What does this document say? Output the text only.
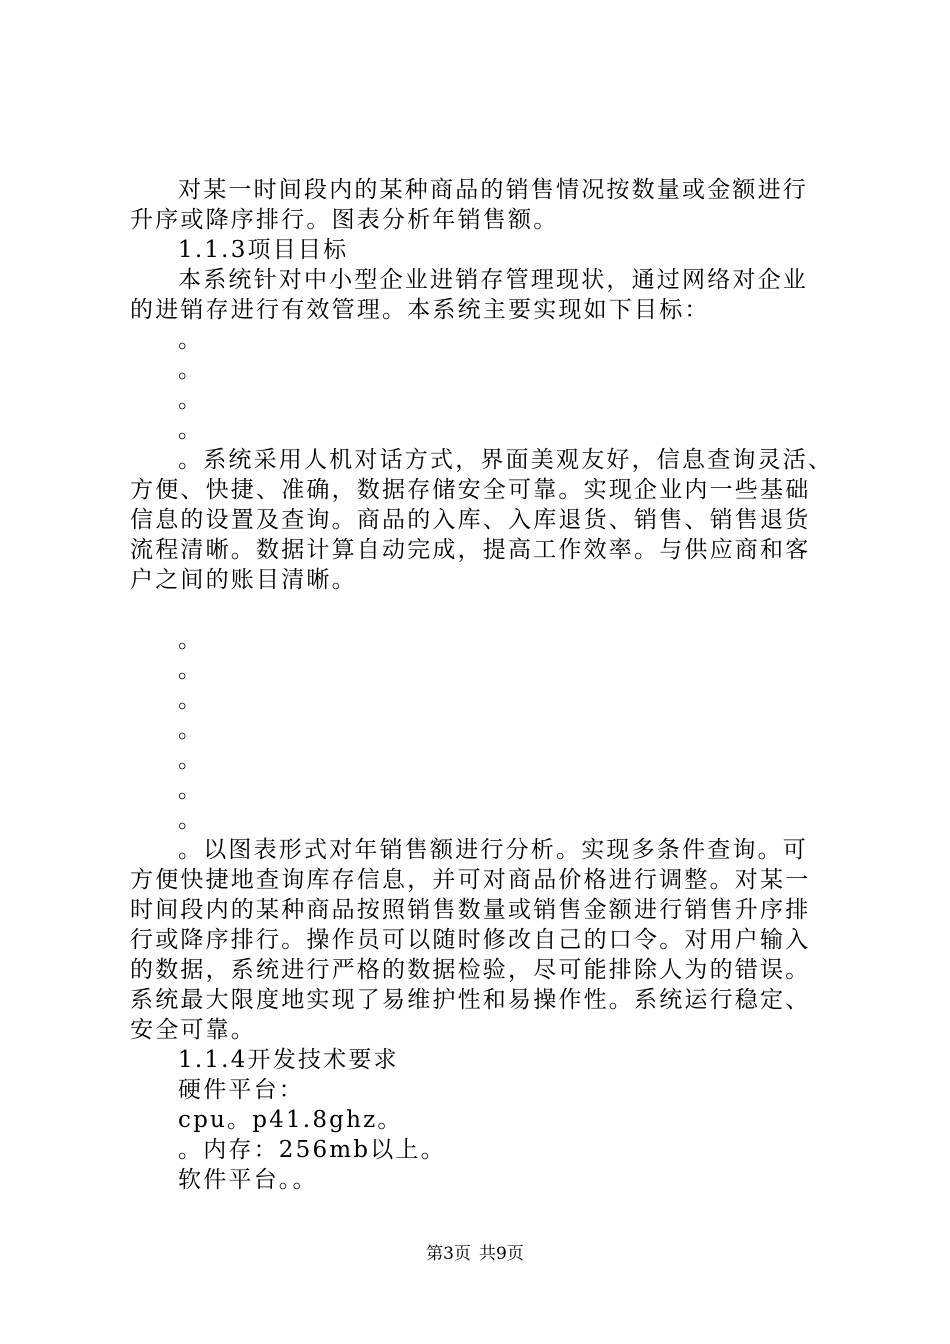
对某一时间段内的某种商品的销售情况按数量或金额进行
升序或降序排行。图表分析年销售额。
1.1.3项目目标
本系统针对中小型企业进销存管理现状，通过网络对企业
的进销存进行有效管理。本系统主要实现如下目标：
。
。
。
。
。系统采用人机对话方式，界面美观友好，信息查询灵活、
方便、快捷、准确，数据存储安全可靠。实现企业内一些基础
信息的设置及查询。商品的入库、入库退货、销售、销售退货
流程清晰。数据计算自动完成，提高工作效率。与供应商和客
户之间的账目清晰。
。
。
。
。
。
。
。
。以图表形式对年销售额进行分析。实现多条件查询。可
方便快捷地查询库存信息，并可对商品价格进行调整。对某一
时间段内的某种商品按照销售数量或销售金额进行销售升序排
行或降序排行。操作员可以随时修改自己的口令。对用户输入
的数据，系统进行严格的数据检验，尽可能排除人为的错误。
系统最大限度地实现了易维护性和易操作性。系统运行稳定、
安全可靠。
1.1.4开发技术要求
硬件平台：
cpu。p41.8ghz。
。内存：256mb以上。
软件平台。。
第3页 共9页
